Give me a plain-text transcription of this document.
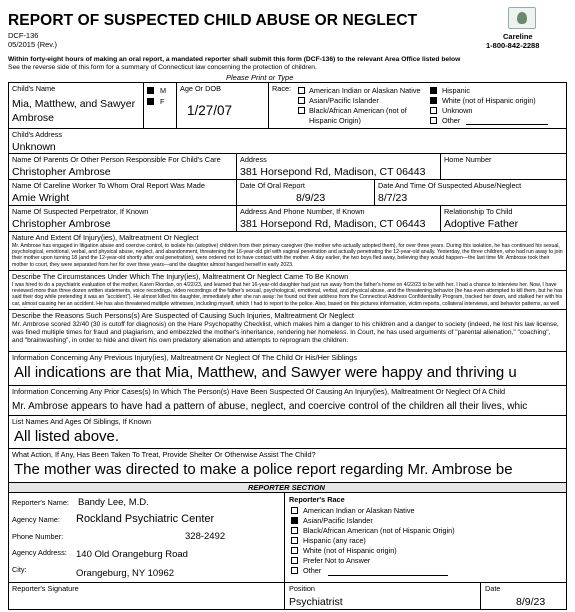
REPORT OF SUSPECTED CHILD ABUSE OR NEGLECT
DCF-136
05/2015 (Rev.)
Careline
1-800-842-2288
Within forty-eight hours of making an oral report, a mandated reporter shall submit this form (DCF-136) to the relevant Area Office listed below
See the reverse side of this form for a summary of Connecticut law concerning the protection of children.
Please Print or Type
Child's Name
Mia, Matthew, and Sawyer
Ambrose
M
F
Age Or DOB
1/27/07
Race: American Indian or Alaskan Native
Asian/Pacific Islander
Black/African American (not of
Hispanic Origin)
Hispanic
White (not of Hispanic origin)
Unknown
Other
Child's Address
Unknown
Name Of Parents Or Other Person Responsible For Child's Care
Christopher Ambrose
Address
381 Horsepond Rd, Madison, CT 06443
Home Number
Name Of Careline Worker To Whom Oral Report Was Made
Amie Wright
Date Of Oral Report
8/9/23
Date And Time Of Suspected Abuse/Neglect
8/7/23
Name Of Suspected Perpetrator, If Known
Christopher Ambrose
Address And Phone Number, If Known
381 Horsepond Rd, Madison, CT 06443
Relationship To Child
Adoptive Father
Nature And Extent Of Injury(ies), Maltreatment Or Neglect
Mr. Ambrose has engaged in litigation abuse and coercive control, to isolate his (adoptive) children from their primary caregiver (the mother who actually adopted them), for over three years. During this isolation, he has continued his sexual, psychological, emotional, verbal, and physical abuse, neglect, and abandonment, threatening the 16-year-old girl with vaginal penetration and actually penetrating the 12-year-old anally. Yesterday, the three children, who had run away to join their mother upon turning 18 (and the 12-year-old shortly after oral penetration), were ordered not to have contact with the mother. A day earlier, the two boys fled away, believing they would happen—the last time Mr. Ambrose took their mother to court, they were separated from her for over three years—and the daughter almost hanged herself in early 2023.
Describe The Circumstances Under Which The Injury(ies), Maltreatment Or Neglect Came To Be Known
I was hired to do a psychiatric evaluation of the mother, Karen Riordan, on 4/22/23, and learned that her 16-year-old daughter had just run away from the father's home on 4/22/23 to be with her. I had a chance to interview her. Now, I have reviewed more than three dozen written statements, voice recordings, video recordings of the father's sexual, psychological, emotional, verbal, and physical abuse, and the threatening behavior (he has even attempted to kill them, but he has said their dog while pretending it was an "accident"). He almost killed his daughter, immediately after she ran away: he found out their address from the Connecticut Address Confidentiality Program, tracked her down, and stalked her with his car, almost causing her an accident. He has also threatened multiple witnesses, including myself, which I had to report to the police. Also, based on this pictures information, victim reports, collateral interviews, and behavior patterns, as well
Describe the Reasons Such Persons(s) Are Suspected of Causing Such Injuries, Maltreatment Or Neglect
Mr. Ambrose scored 32/40 (30 is cutoff for diagnosis) on the Hare Psychopathy Checklist, which makes him a danger to his children and a danger to society (indeed, he lost his law license, was fined multiple times for fraud and plagiarism, and embezzled the mother's inheritance, rendering her homeless. In Court, he has used arguments of "parental alienation," "coaching", and "brainwashing", in order to hide and divert his own predatory alienation and attempts to reprogram the children.
Information Concerning Any Previous Injury(ies), Maltreatment Or Neglect Of The Child Or His/Her Siblings
All indications are that Mia, Matthew, and Sawyer were happy and thriving u
Information Concerning Any Prior Cases(s) In Which The Person(s) Have Been Suspected Of Causing An Injury(ies), Maltreatment Or Neglect Of A Child
Mr. Ambrose appears to have had a pattern of abuse, neglect, and coercive control of the children all their lives, whic
List Names And Ages Of Siblings, If Known
All listed above.
What Action, If Any, Has Been Taken To Treat, Provide Shelter Or Otherwise Assist The Child?
The mother was directed to make a police report regarding Mr. Ambrose be
REPORTER SECTION
Reporter's Name: Bandy Lee, M.D.
Agency Name: Rockland Psychiatric Center
Phone Number:	328-2492
Agency Address: 140 Old Orangeburg Road
City:	Orangeburg, NY 10962
Reporter's Race
American Indian or Alaskan Native
Asian/Pacific Islander
Black/African American (not of Hispanic Origin)
Hispanic (any race)
White (not of Hispanic origin)
Prefer Not to Answer
Other
Reporter's Signature	Position
Psychiatrist
Date
8/9/23
